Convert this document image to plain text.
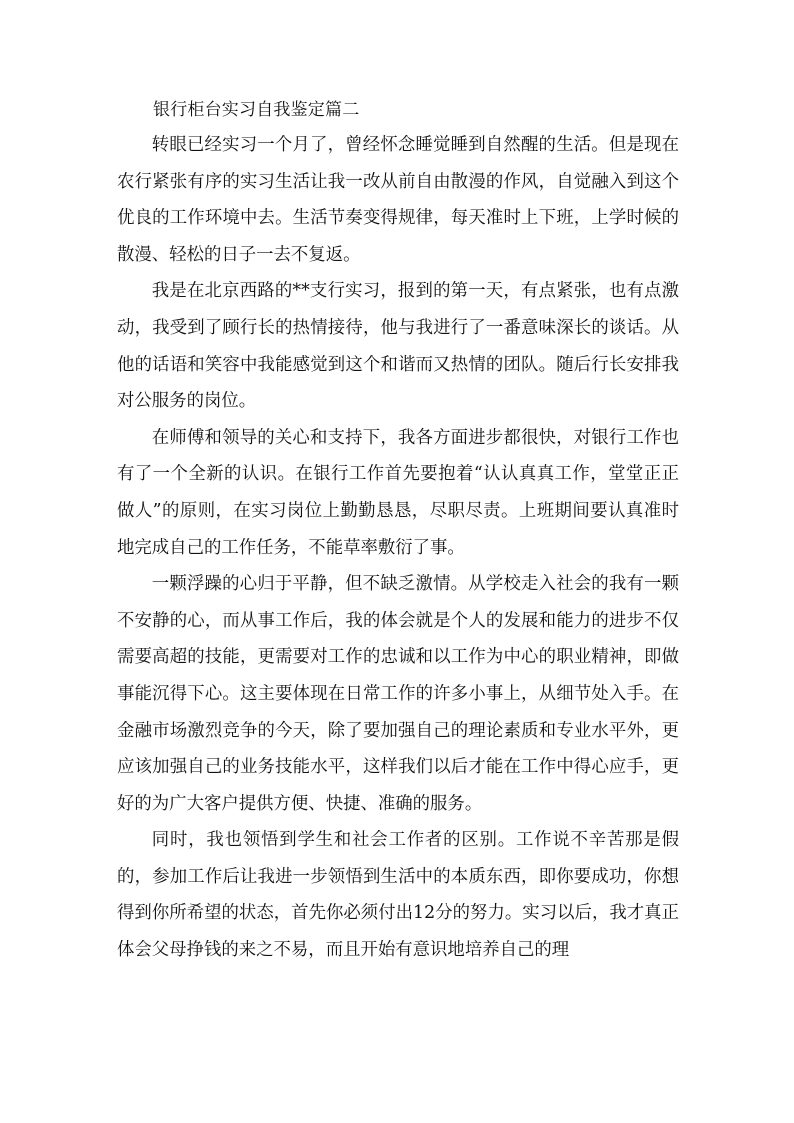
银行柜台实习自我鉴定篇二

转眼已经实习一个月了，曾经怀念睡觉睡到自然醒的生活。但是现在农行紧张有序的实习生活让我一改从前自由散漫的作风，自觉融入到这个优良的工作环境中去。生活节奏变得规律，每天准时上下班，上学时候的散漫、轻松的日子一去不复返。

我是在北京西路的**支行实习，报到的第一天，有点紧张，也有点激动，我受到了顾行长的热情接待，他与我进行了一番意味深长的谈话。从他的话语和笑容中我能感觉到这个和谐而又热情的团队。随后行长安排我对公服务的岗位。

在师傅和领导的关心和支持下，我各方面进步都很快，对银行工作也有了一个全新的认识。在银行工作首先要抱着“认认真真工作，堂堂正正做人”的原则，在实习岗位上勤勤恳恳，尽职尽责。上班期间要认真准时地完成自己的工作任务，不能草率敷衍了事。

一颗浮躁的心归于平静，但不缺乏激情。从学校走入社会的我有一颗不安静的心，而从事工作后，我的体会就是个人的发展和能力的进步不仅需要高超的技能，更需要对工作的忠诚和以工作为中心的职业精神，即做事能沉得下心。这主要体现在日常工作的许多小事上，从细节处入手。在金融市场激烈竞争的今天，除了要加强自己的理论素质和专业水平外，更应该加强自己的业务技能水平，这样我们以后才能在工作中得心应手，更好的为广大客户提供方便、快捷、准确的服务。

同时，我也领悟到学生和社会工作者的区别。工作说不辛苦那是假的，参加工作后让我进一步领悟到生活中的本质东西，即你要成功，你想得到你所希望的状态，首先你必须付出12分的努力。实习以后，我才真正体会父母挣钱的来之不易，而且开始有意识地培养自己的理
